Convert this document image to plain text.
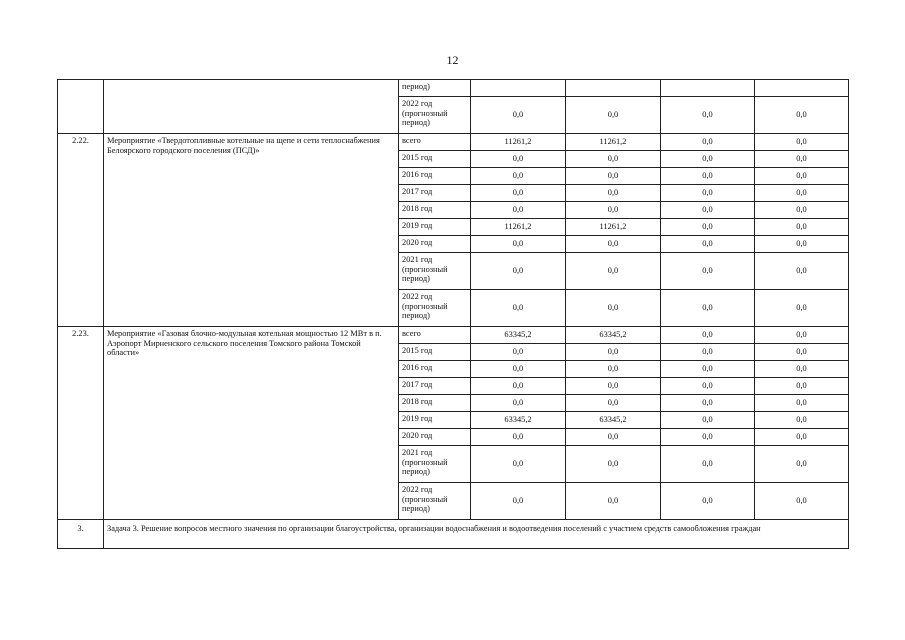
12
		период)				
		2022 год (прогнозный период)	0,0	0,0	0,0	0,0
2.22.	Мероприятие «Твердотопливные котельные на щепе и сети теплоснабжения Белоярского городского поселения (ПСД)»	всего	11261,2	11261,2	0,0	0,0
		2015 год	0,0	0,0	0,0	0,0
		2016 год	0,0	0,0	0,0	0,0
		2017 год	0,0	0,0	0,0	0,0
		2018 год	0,0	0,0	0,0	0,0
		2019 год	11261,2	11261,2	0,0	0,0
		2020 год	0,0	0,0	0,0	0,0
		2021 год (прогнозный период)	0,0	0,0	0,0	0,0
		2022 год (прогнозный период)	0,0	0,0	0,0	0,0
2.23.	Мероприятие «Газовая блочно-модульная котельная мощностью 12 МВт в п. Аэропорт Мирненского сельского поселения Томского района Томской области»	всего	63345,2	63345,2	0,0	0,0
		2015 год	0,0	0,0	0,0	0,0
		2016 год	0,0	0,0	0,0	0,0
		2017 год	0,0	0,0	0,0	0,0
		2018 год	0,0	0,0	0,0	0,0
		2019 год	63345,2	63345,2	0,0	0,0
		2020 год	0,0	0,0	0,0	0,0
		2021 год (прогнозный период)	0,0	0,0	0,0	0,0
		2022 год (прогнозный период)	0,0	0,0	0,0	0,0
3.	Задача 3. Решение вопросов местного значения по организации благоустройства, организации водоснабжения и водоотведения поселений с участием средств самообложения граждан					
